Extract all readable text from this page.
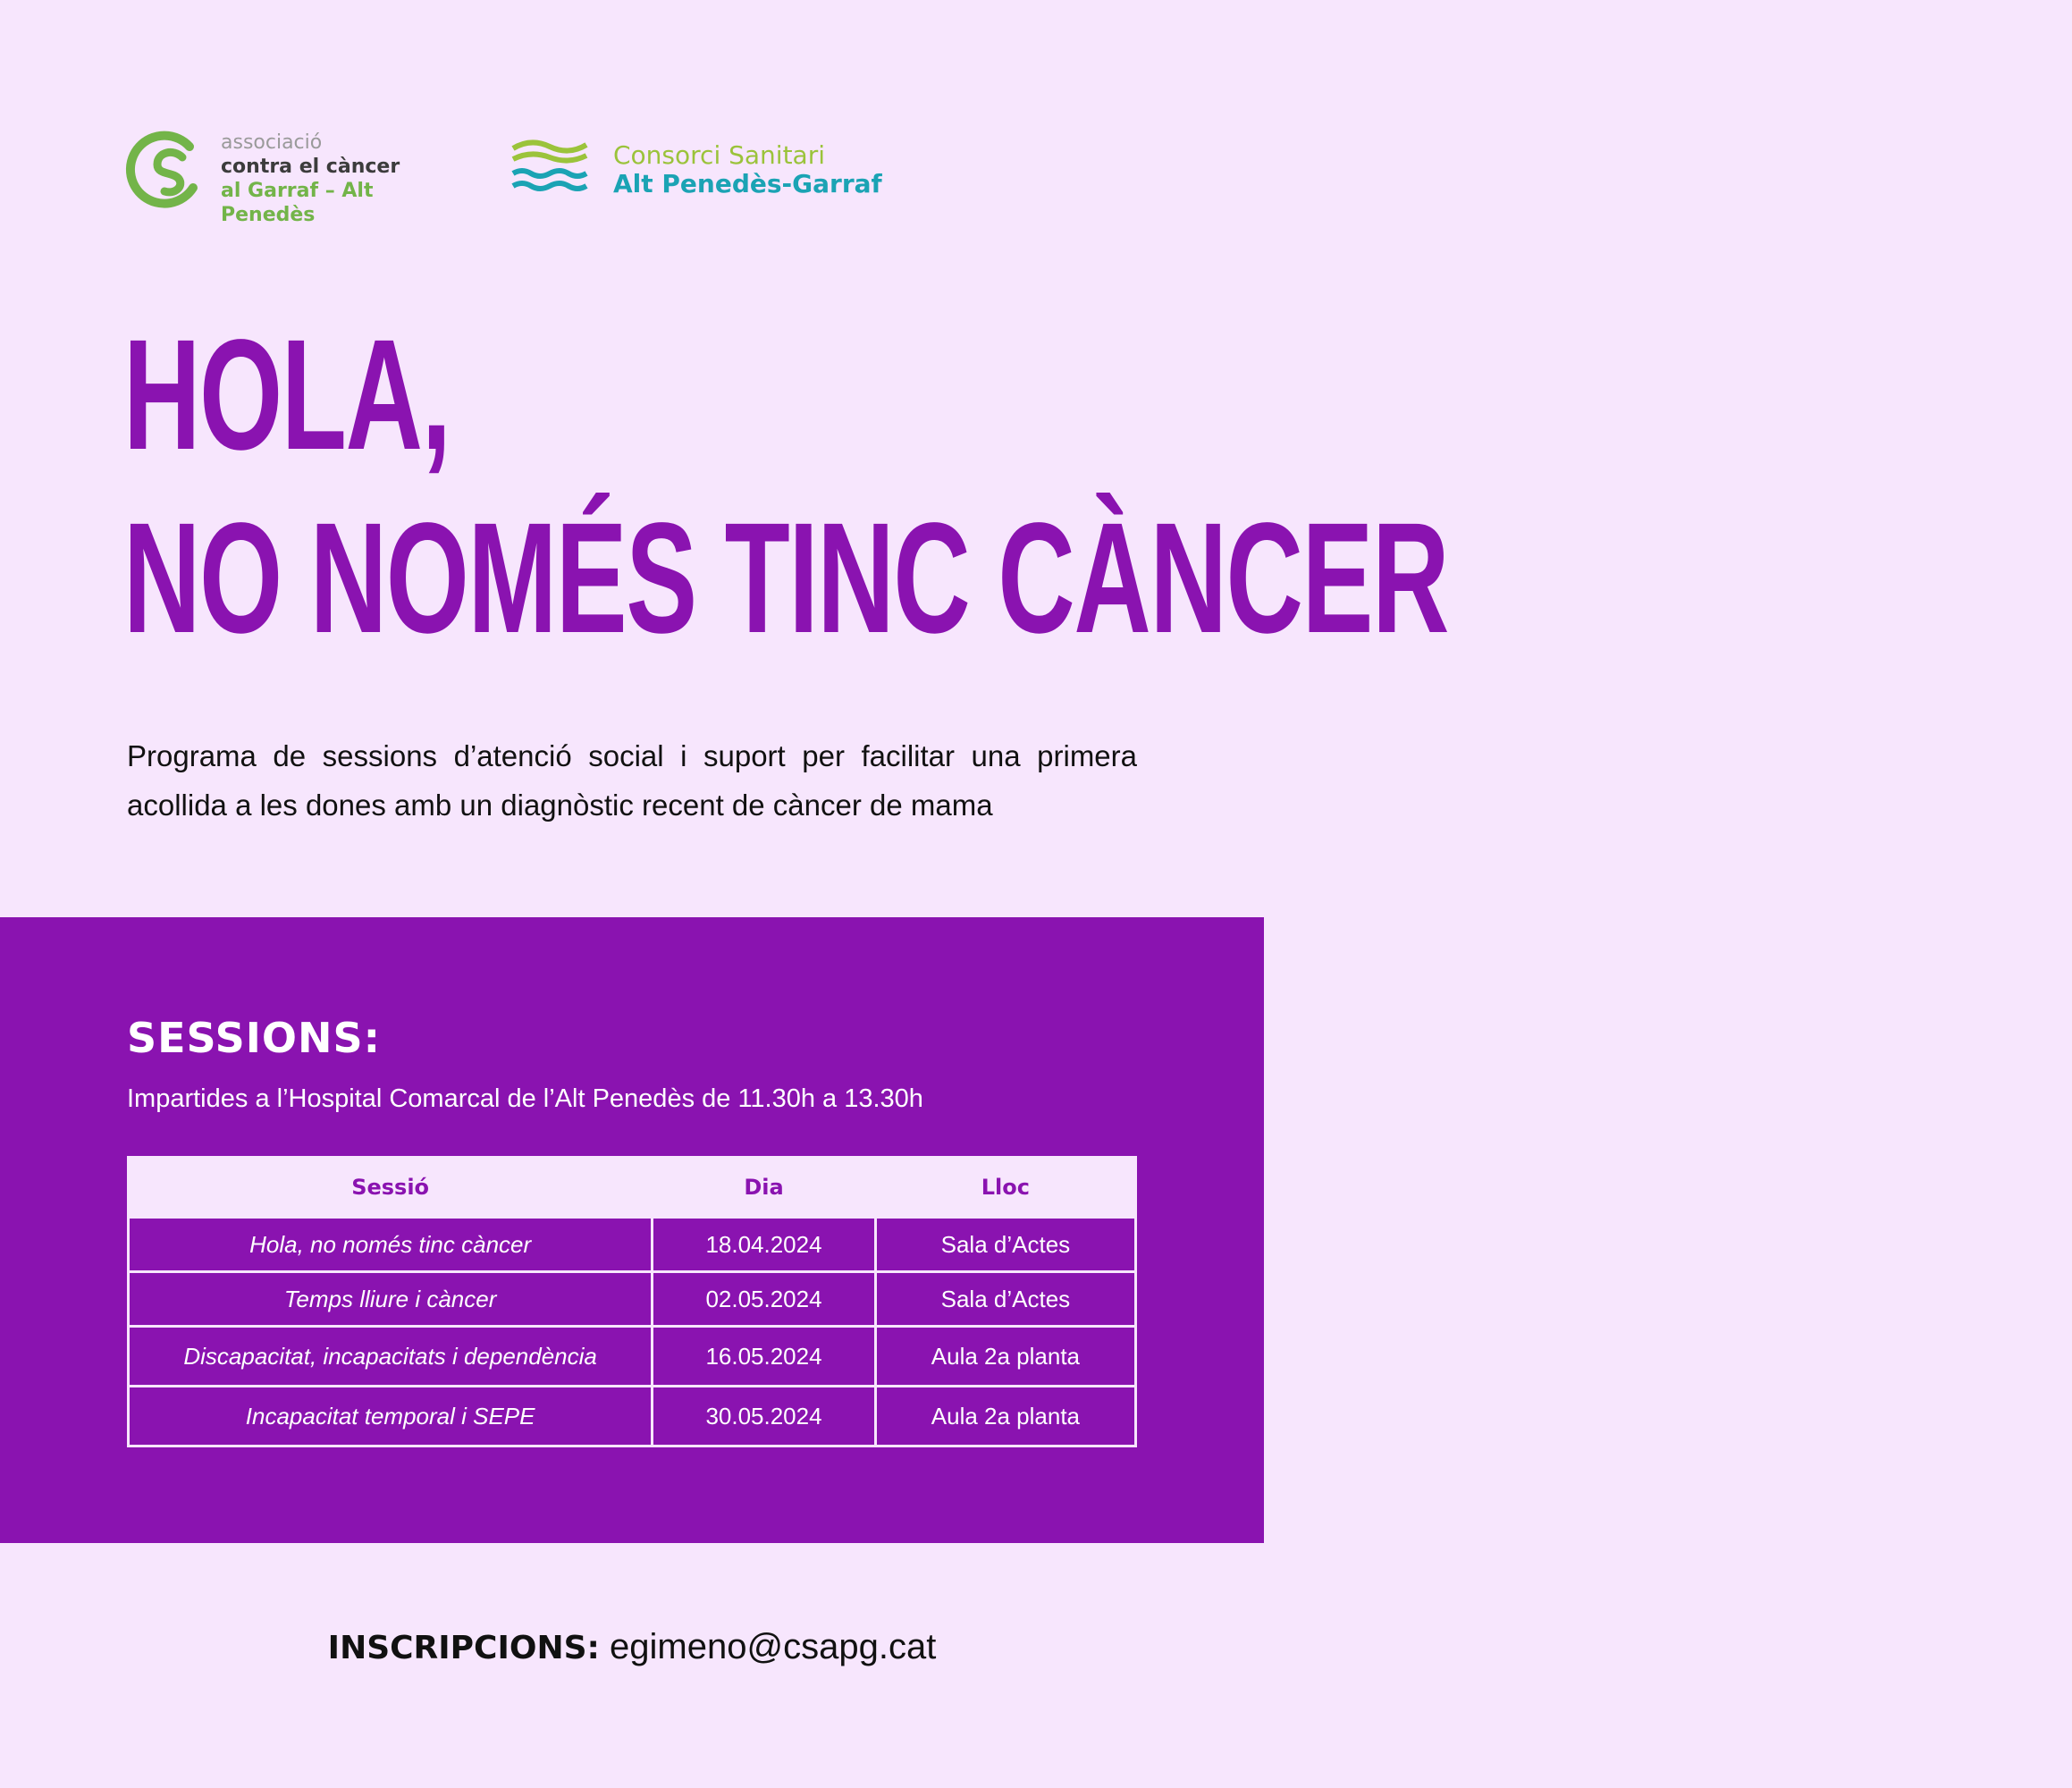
associació
contra el càncer
al Garraf – Alt Penedès
Consorci Sanitari
Alt Penedès-Garraf
HOLA,
NO NOMÉS TINC CÀNCER

Programa de sessions d’atenció social i suport per facilitar una primera acollida a les dones amb un diagnòstic recent de càncer de mama

SESSIONS:

Impartides a l’Hospital Comarcal de l’Alt Penedès de 11.30h a 13.30h

Sessió	Dia	Lloc
Hola, no només tinc càncer	18.04.2024	Sala d’Actes
Temps lliure i càncer	02.05.2024	Sala d’Actes
Discapacitat, incapacitats i dependència	16.05.2024	Aula 2a planta
Incapacitat temporal i SEPE	30.05.2024	Aula 2a planta

INSCRIPCIONS: egimeno@csapg.cat
